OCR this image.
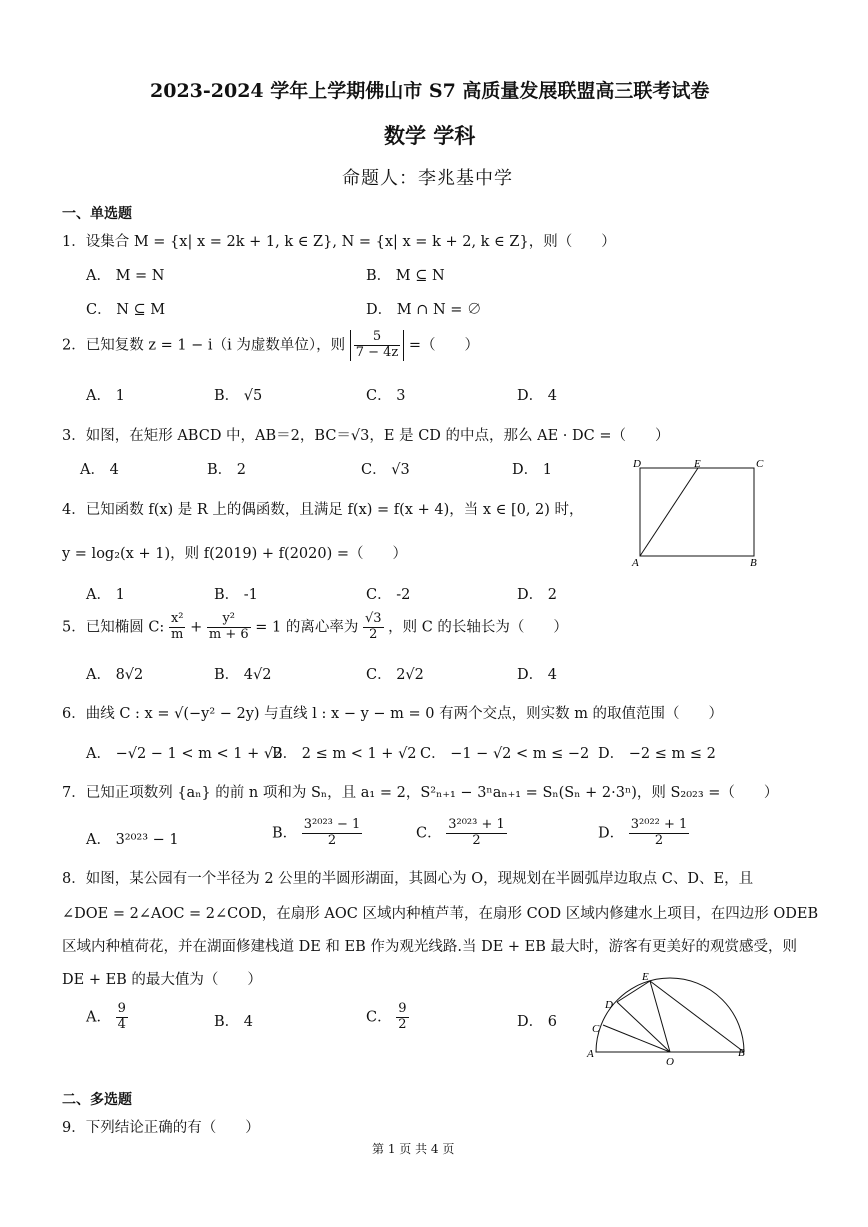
2023-2024 学年上学期佛山市 S7 高质量发展联盟高三联考试卷
数学 学科
命题人：李兆基中学
一、单选题
1．设集合 M = {x| x = 2k + 1, k ∈ Z}, N = {x| x = k + 2, k ∈ Z}，则（　　）
A． M = N	B． M ⊆ N
C． N ⊆ M	D． M ∩ N = ∅
2．已知复数 z = 1 − i（i 为虚数单位），则 $\frac{5}{7 - 4z}$ =（　　）
A． 1	B． √5	C． 3	D． 4
3．如图，在矩形 ABCD 中，AB＝2，BC＝√3，E 是 CD 的中点，那么 AE · DC =（　　）
A． 4	B． 2	C． √3	D． 1	D	E	C
A	B
4．已知函数 f(x) 是 R 上的偶函数，且满足 f(x) = f(x + 4)，当 x ∈ [0, 2) 时，
y = log₂(x + 1)，则 f(2019) + f(2020) =（　　）
A． 1	B． -1	C． -2	D． 2
5．已知椭圆 C: $\frac{\text{x²}}{m} + \frac{\text{y²}}{m + 6} = 1$ 的离心率为 $\frac{√3}{2}$ ，则 C 的长轴长为（　　）
A． 8√2	B． 4√2	C． 2√2	D． 4
6．曲线 C : x = √(−y² − 2y) 与直线 l : x − y − m = 0 有两个交点，则实数 m 的取值范围（　　）
A． −√2 − 1 < m < 1 + √2
B． 2 ≤ m < 1 + √2 C． −1 − √2 < m ≤ −2 D． −2 ≤ m ≤ 2
7．已知正项数列 {aₙ} 的前 n 项和为 Sₙ，且 a₁ = 2，S²ₙ₊₁ − 3ⁿaₙ₊₁ = Sₙ(Sₙ + 2·3ⁿ)，则 S₂₀₂₃ =（　　）
A． 3²⁰²³ − 1	B． $\frac{\text{3²⁰²³ − 1}}{2}$	C． $\frac{\text{3²⁰²³ + 1}}{2}$	D． $\frac{\text{3²⁰²² + 1}}{2}$
8．如图，某公园有一个半径为 2 公里的半圆形湖面，其圆心为 O，现规划在半圆弧岸边取点 C、D、E，且
∠DOE = 2∠AOC = 2∠COD，在扇形 AOC 区域内种植芦苇，在扇形 COD 区域内修建水上项目，在四边形 ODEB
区域内种植荷花，并在湖面修建栈道 DE 和 EB 作为观光线路.当 DE + EB 最大时，游客有更美好的观赏感受，则
DE + EB 的最大值为（　　）
A． $\frac{9}{4}$	B． 4	C． $\frac{9}{2}$	D． 6
A
C
D
E
O
B
二、多选题
9．下列结论正确的有（　　）
第 1 页 共 4 页
